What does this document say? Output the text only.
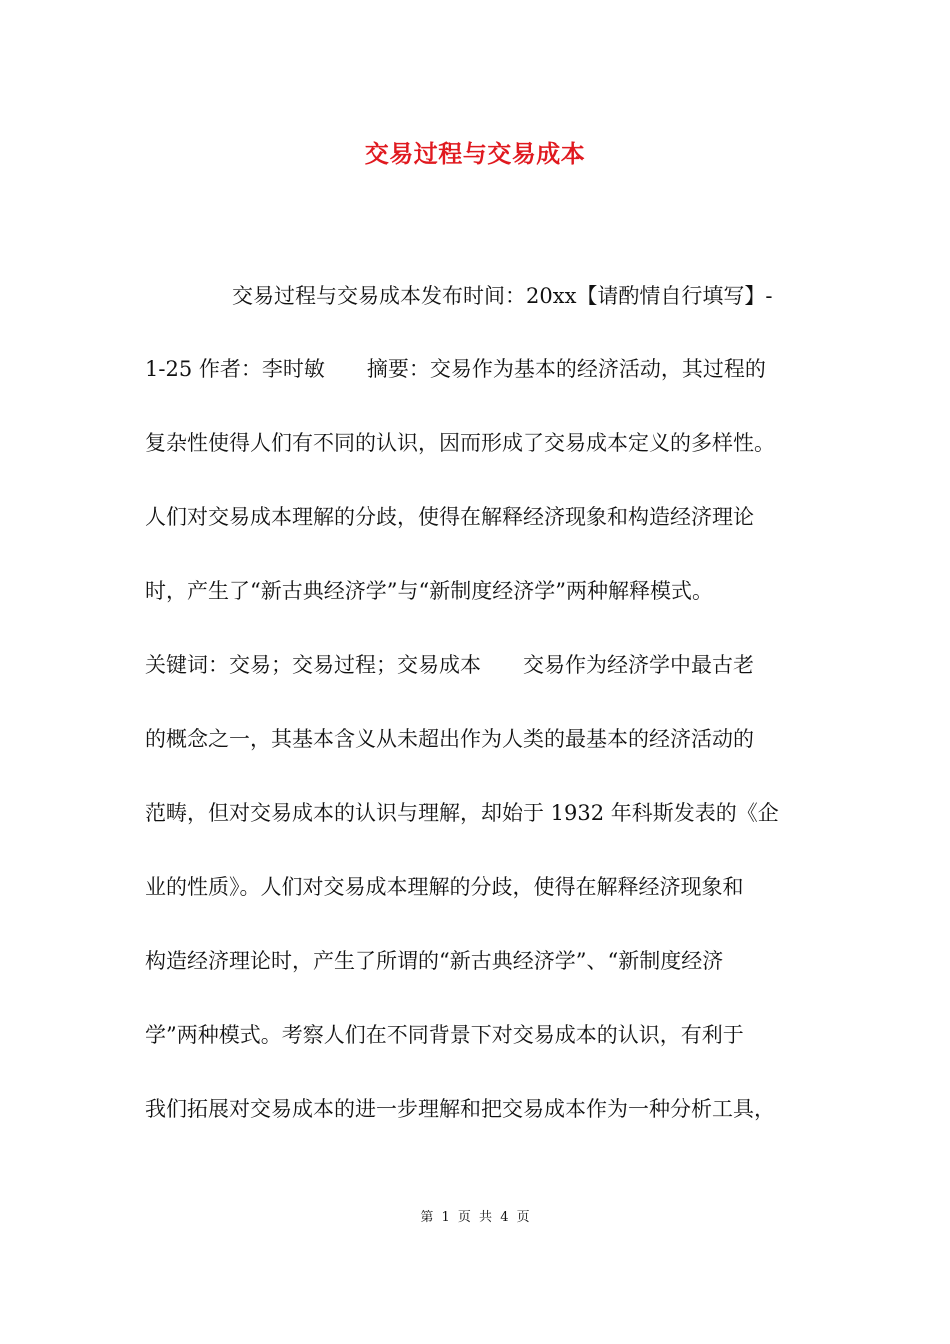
交易过程与交易成本
交易过程与交易成本发布时间：20xx【请酌情自行填写】-
1-25 作者：李时敏　　摘要：交易作为基本的经济活动，其过程的
复杂性使得人们有不同的认识，因而形成了交易成本定义的多样性。
人们对交易成本理解的分歧，使得在解释经济现象和构造经济理论
时，产生了“新古典经济学”与“新制度经济学”两种解释模式。
关键词：交易；交易过程；交易成本　　交易作为经济学中最古老
的概念之一，其基本含义从未超出作为人类的最基本的经济活动的
范畴，但对交易成本的认识与理解，却始于 1932 年科斯发表的《企
业的性质》。人们对交易成本理解的分歧，使得在解释经济现象和
构造经济理论时，产生了所谓的“新古典经济学”、“新制度经济
学”两种模式。考察人们在不同背景下对交易成本的认识，有利于
我们拓展对交易成本的进一步理解和把交易成本作为一种分析工具，
第 1 页 共 4 页
